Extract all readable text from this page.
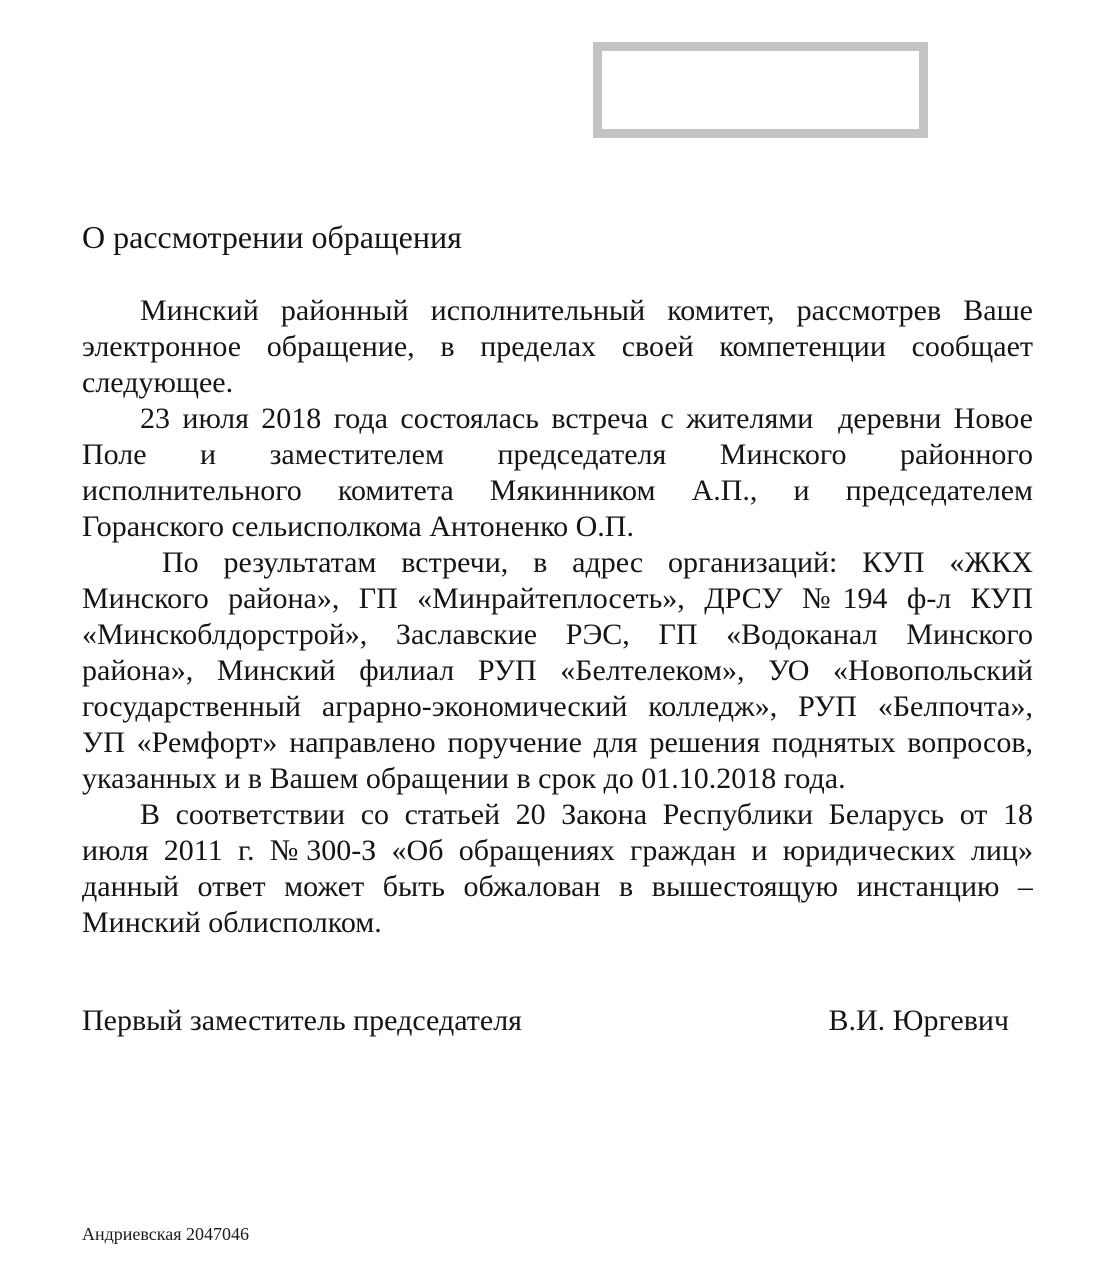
О рассмотрении обращения
Минский районный исполнительный комитет, рассмотрев Ваше
электронное обращение, в пределах своей компетенции сообщает
следующее.
23 июля 2018 года состоялась встреча с жителями  деревни Новое
Поле и заместителем председателя Минского районного
исполнительного комитета Мякинником А.П., и председателем
Горанского сельисполкома Антоненко О.П.
По результатам встречи, в адрес организаций: КУП «ЖКХ
Минского района», ГП «Минрайтеплосеть», ДРСУ №194 ф-л КУП
«Минскоблдорстрой», Заславские РЭС, ГП «Водоканал Минского
района», Минский филиал РУП «Белтелеком», УО «Новопольский
государственный аграрно-экономический колледж», РУП «Белпочта»,
УП «Ремфорт» направлено поручение для решения поднятых вопросов,
указанных и в Вашем обращении в срок до 01.10.2018 года.
В соответствии со статьей 20 Закона Республики Беларусь от 18
июля 2011 г. №300-З «Об обращениях граждан и юридических лиц»
данный ответ может быть обжалован в вышестоящую инстанцию –
Минский облисполком.
Первый заместитель председателя	В.И. Юргевич
Андриевская 2047046
